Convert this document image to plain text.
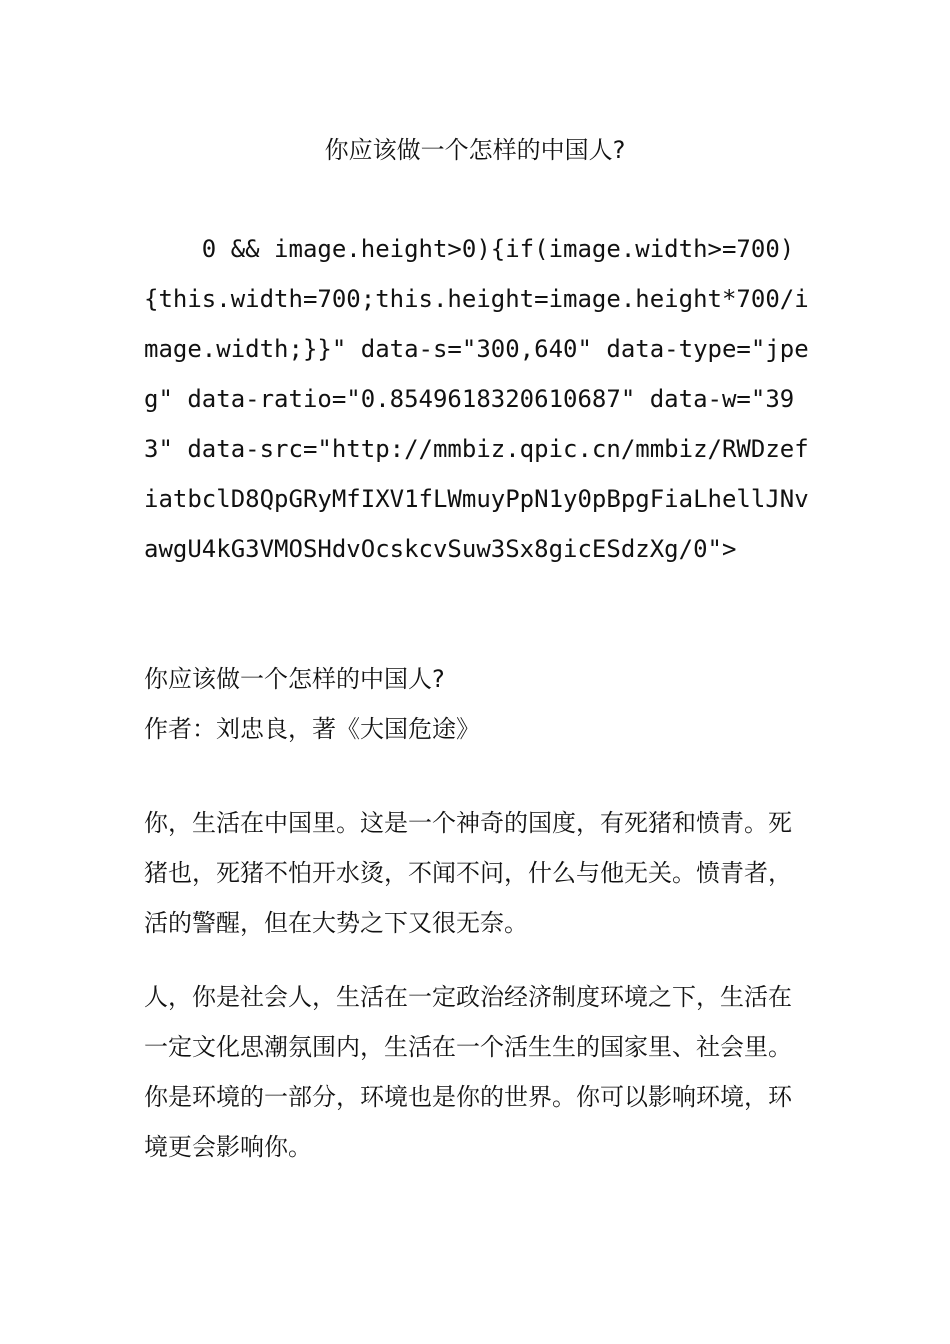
你应该做一个怎样的中国人?
0 && image.height>0){if(image.width>=700){this.width=700;this.height=image.height*700/image.width;}}" data-s="300,640" data-type="jpeg" data-ratio="0.8549618320610687" data-w="393" data-src="http://mmbiz.qpic.cn/mmbiz/RWDzefiatbclD8QpGRyMfIXV1fLWmuyPpN1y0pBpgFiaLhellJNvawgU4kG3VMOSHdvOcskcvSuw3Sx8gicESdzXg/0">
你应该做一个怎样的中国人?
作者：刘忠良，著《大国危途》

你，生活在中国里。这是一个神奇的国度，有死猪和愤青。死猪也，死猪不怕开水烫，不闻不问，什么与他无关。愤青者，活的警醒，但在大势之下又很无奈。

人，你是社会人，生活在一定政治经济制度环境之下，生活在一定文化思潮氛围内，生活在一个活生生的国家里、社会里。你是环境的一部分，环境也是你的世界。你可以影响环境，环境更会影响你。
